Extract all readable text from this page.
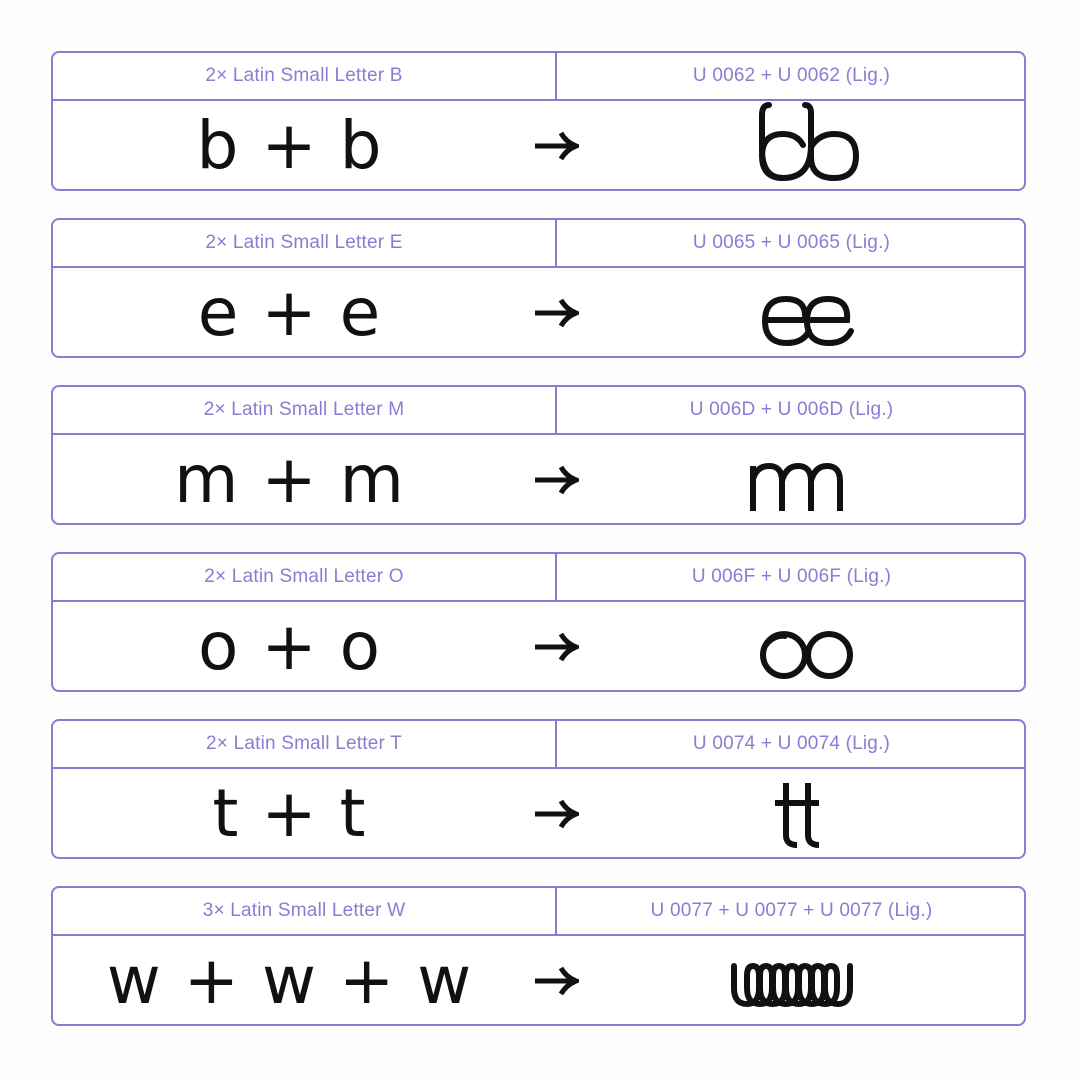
2× Latin Small Letter B	U 0062 + U 0062 (Lig.)
b + b
2× Latin Small Letter E	U 0065 + U 0065 (Lig.)
e + e
2× Latin Small Letter M	U 006D + U 006D (Lig.)
m + m
2× Latin Small Letter O	U 006F + U 006F (Lig.)
o + o
2× Latin Small Letter T	U 0074 + U 0074 (Lig.)
t + t
3× Latin Small Letter W	U 0077 + U 0077 + U 0077 (Lig.)
w + w + w
